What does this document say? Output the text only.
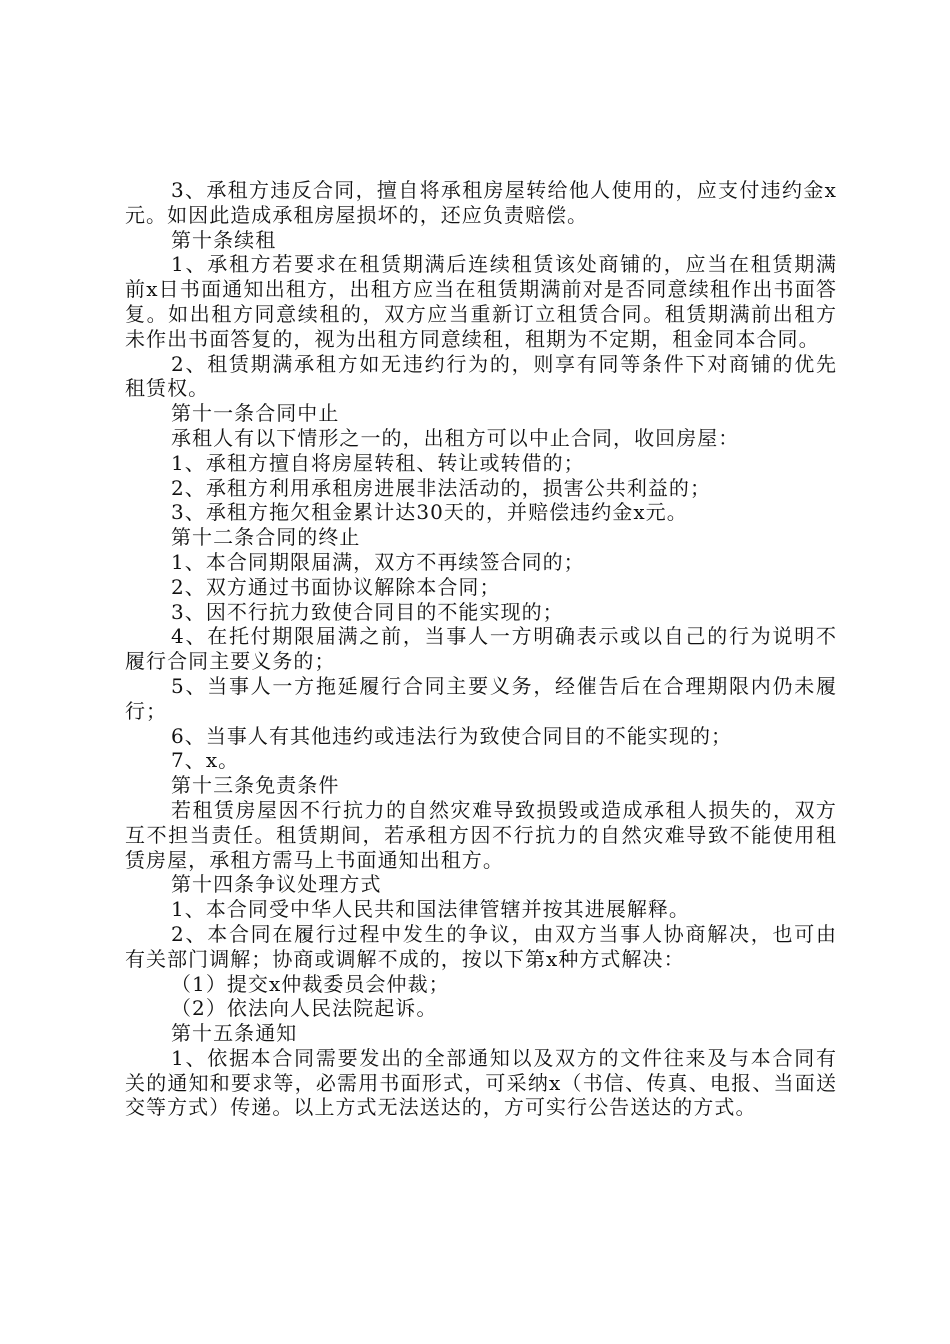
3、承租方违反合同，擅自将承租房屋转给他人使用的，应支付违约金x元。如因此造成承租房屋损坏的，还应负责赔偿。

第十条续租

1、承租方若要求在租赁期满后连续租赁该处商铺的，应当在租赁期满前x日书面通知出租方，出租方应当在租赁期满前对是否同意续租作出书面答复。如出租方同意续租的，双方应当重新订立租赁合同。租赁期满前出租方未作出书面答复的，视为出租方同意续租，租期为不定期，租金同本合同。

2、租赁期满承租方如无违约行为的，则享有同等条件下对商铺的优先租赁权。

第十一条合同中止

承租人有以下情形之一的，出租方可以中止合同，收回房屋：

1、承租方擅自将房屋转租、转让或转借的；

2、承租方利用承租房进展非法活动的，损害公共利益的；

3、承租方拖欠租金累计达30天的，并赔偿违约金x元。

第十二条合同的终止

1、本合同期限届满，双方不再续签合同的；

2、双方通过书面协议解除本合同；

3、因不行抗力致使合同目的不能实现的；

4、在托付期限届满之前，当事人一方明确表示或以自己的行为说明不履行合同主要义务的；

5、当事人一方拖延履行合同主要义务，经催告后在合理期限内仍未履行；

6、当事人有其他违约或违法行为致使合同目的不能实现的；

7、x。

第十三条免责条件

若租赁房屋因不行抗力的自然灾难导致损毁或造成承租人损失的，双方互不担当责任。租赁期间，若承租方因不行抗力的自然灾难导致不能使用租赁房屋，承租方需马上书面通知出租方。

第十四条争议处理方式

1、本合同受中华人民共和国法律管辖并按其进展解释。

2、本合同在履行过程中发生的争议，由双方当事人协商解决，也可由有关部门调解；协商或调解不成的，按以下第x种方式解决：

（1）提交x仲裁委员会仲裁；

（2）依法向人民法院起诉。

第十五条通知

1、依据本合同需要发出的全部通知以及双方的文件往来及与本合同有关的通知和要求等，必需用书面形式，可采纳x（书信、传真、电报、当面送交等方式）传递。以上方式无法送达的，方可实行公告送达的方式。
